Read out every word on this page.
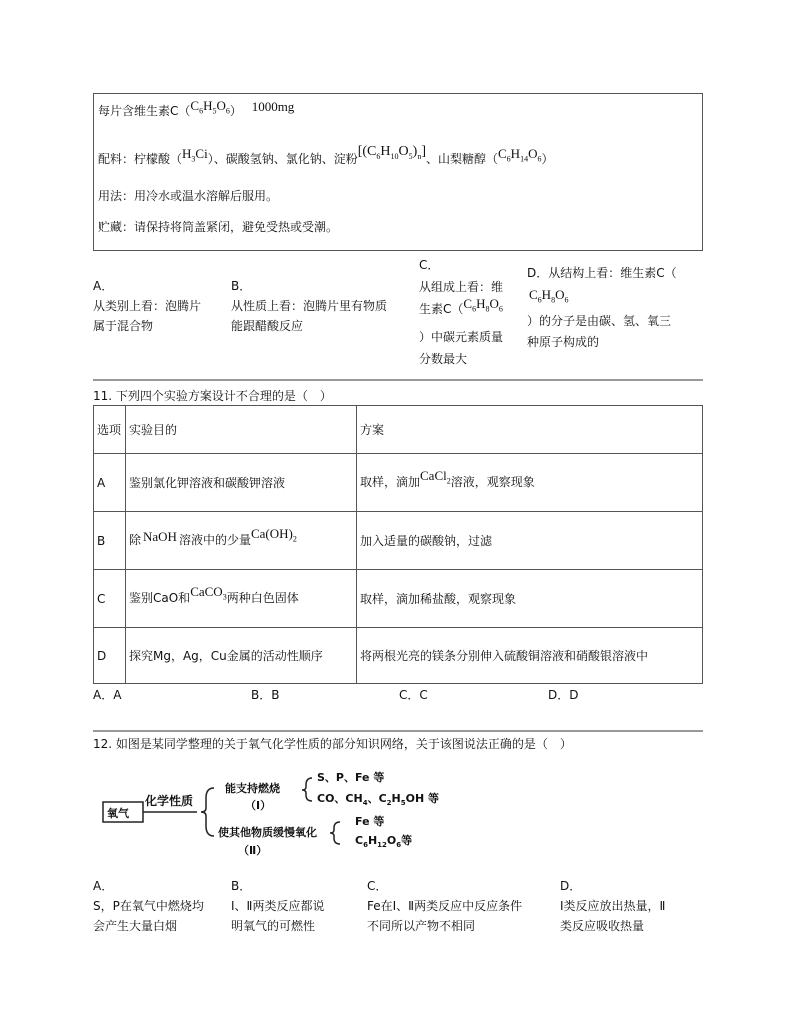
每片含维生素$C(C_6H_5O_6)$ 1000mg
配料：柠檬酸$(H_3Ci)$、碳酸氢钠、氯化钠、淀粉$[(C_6H_{10}O_5)_n]$、山梨糖醇$(C_6H_{14}O_6)$
用法：用冷水或温水溶解后服用。
贮藏：请保持将筒盖紧闭，避免受热或受潮。
A．
从类别上看：泡腾片
属于混合物
B．
从性质上看：泡腾片里有物质
能跟醋酸反应
C．
从组成上看：维
生素$C(C_6H_8O_6$
）中碳元素质量
分数最大
D．从结构上看：维生素C（
$C_6H_8O_6$
）的分子是由碳、氢、氧三
种原子构成的
11. 下列四个实验方案设计不合理的是（　）
选项	实验目的	方案
A	鉴别氯化钾溶液和碳酸钾溶液	取样，滴加CaCl$_2$溶液，观察现象
B	除 NaOH 溶液中的少量$Ca(OH)_2$	加入适量的碳酸钠，过滤
C	鉴别CaO和CaCO$_3$两种白色固体	取样，滴加稀盐酸，观察现象
D	探究Mg，Ag，Cu金属的活动性顺序	将两根光亮的镁条分别伸入硫酸铜溶液和硝酸银溶液中
A．A	B．B	C．C	D．D
12. 如图是某同学整理的关于氧气化学性质的部分知识网络，关于该图说法正确的是（　）
氧气
化学性质
能支持燃烧
（Ⅰ）
S、P、Fe 等
CO、$CH_4$、$C_2H_5OH$ 等
使其他物质缓慢氧化
（Ⅱ）
Fe 等
$C_6H_{12}O_6$等
A．
S，P在氧气中燃烧均
会产生大量白烟
B．
Ⅰ、Ⅱ两类反应都说
明氧气的可燃性
C．
Fe在Ⅰ、Ⅱ两类反应中反应条件
不同所以产物不相同
D．
Ⅰ类反应放出热量，Ⅱ
类反应吸收热量
